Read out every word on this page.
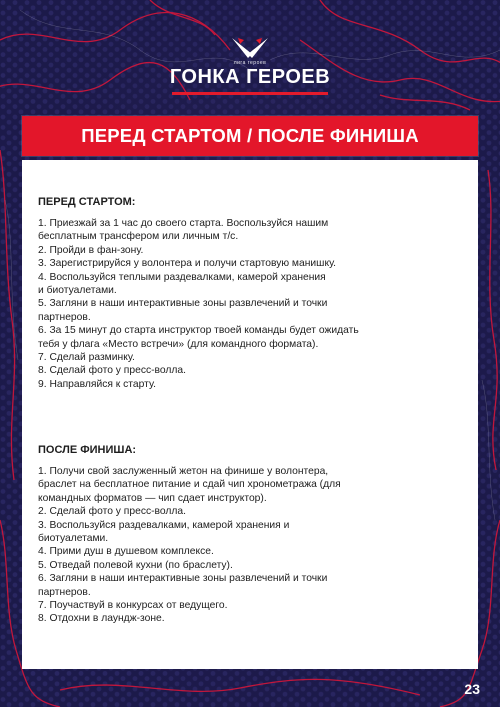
лига героев
ГОНКА ГЕРОЕВ
ПЕРЕД СТАРТОМ / ПОСЛЕ ФИНИША
ПЕРЕД СТАРТОМ:
1. Приезжай за 1 час до своего старта. Воспользуйся нашим
бесплатным трансфером или личным т/с.
2. Пройди в фан-зону.
3. Зарегистрируйся у волонтера и получи стартовую манишку.
4. Воспользуйся теплыми раздевалками, камерой хранения
и биотуалетами.
5. Загляни в наши интерактивные зоны развлечений и точки
партнеров.
6. За 15 минут до старта инструктор твоей команды будет ожидать
тебя у флага «Место встречи» (для командного формата).
7. Сделай разминку.
8. Сделай фото у пресс-волла.
9. Направляйся к старту.
ПОСЛЕ ФИНИША:
1. Получи свой заслуженный жетон на финише у волонтера,
браслет на бесплатное питание и сдай чип хронометража (для
командных форматов — чип сдает инструктор).
2. Сделай фото у пресс-волла.
3. Воспользуйся раздевалками, камерой хранения и
биотуалетами.
4. Прими душ в душевом комплексе.
5. Отведай полевой кухни (по браслету).
6. Загляни в наши интерактивные зоны развлечений и точки
партнеров.
7. Поучаствуй в конкурсах от ведущего.
8. Отдохни в лаундж-зоне.
23
